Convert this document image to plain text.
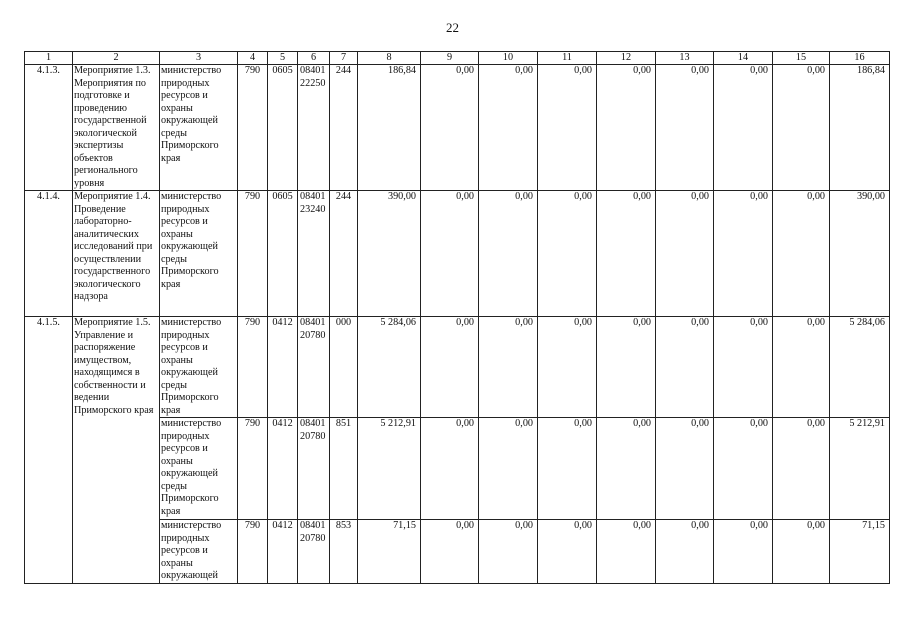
22
1	2	3	4	5	6	7	8	9	10	11	12	13	14	15	16
4.1.3.	Мероприятие 1.3. Мероприятия по подготовке и проведению государственной экологической экспертизы объектов регионального уровня	министерство природных ресурсов и охраны окружающей среды Приморского края	790	0605	08401 22250	244	186,84	0,00	0,00	0,00	0,00	0,00	0,00	0,00	186,84
4.1.4.	Мероприятие 1.4. Проведение лабораторно-аналитических исследований при осуществлении государственного экологического надзора	министерство природных ресурсов и охраны окружающей среды Приморского края	790	0605	08401 23240	244	390,00	0,00	0,00	0,00	0,00	0,00	0,00	0,00	390,00
4.1.5.	Мероприятие 1.5. Управление и распоряжение имуществом, находящимся в собственности и ведении Приморского края	министерство природных ресурсов и охраны окружающей среды Приморского края	790	0412	08401 20780	000	5 284,06	0,00	0,00	0,00	0,00	0,00	0,00	0,00	5 284,06
		министерство природных ресурсов и охраны окружающей среды Приморского края	790	0412	08401 20780	851	5 212,91	0,00	0,00	0,00	0,00	0,00	0,00	0,00	5 212,91
		министерство природных ресурсов и охраны окружающей	790	0412	08401 20780	853	71,15	0,00	0,00	0,00	0,00	0,00	0,00	0,00	71,15
